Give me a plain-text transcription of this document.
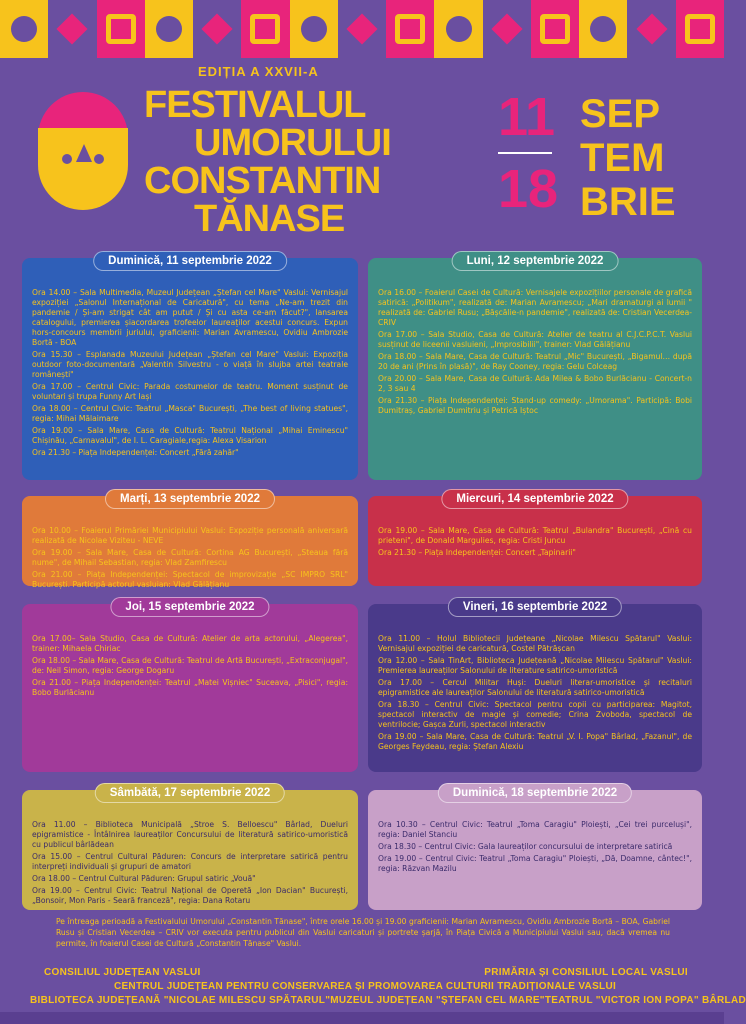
EDIȚIA A XXVII-A
FESTIVALUL
UMORULUI
CONSTANTIN
TĂNASE
11
18
SEP
TEM
BRIE
Duminică, 11 septembrie 2022

Ora 14.00 – Sala Multimedia, Muzeul Județean „Ștefan cel Mare" Vaslui: Vernisajul expoziției „Salonul Internațional de Caricatură", cu tema „Ne-am trezit din pandemie / Și-am strigat cât am putut / Și cu asta ce-am făcut?", lansarea catalogului, premierea șiacordarea trofeelor laureaților acestui concurs. Expun hors-concours membrii juriului, graficienii: Marian Avramescu, Ovidiu Ambrozie Bortă - BOA

Ora 15.30 – Esplanada Muzeului Județean „Ștefan cel Mare" Vaslui: Expoziția outdoor foto-documentară „Valentin Silvestru - o viață în slujba artei teatrale românești"

Ora 17.00 – Centrul Civic: Parada costumelor de teatru. Moment susținut de voluntari și trupa Funny Art Iași

Ora 18.00 – Centrul Civic: Teatrul „Masca" București, „The best of living statues", regia: Mihai Mălaimare

Ora 19.00 – Sala Mare, Casa de Cultură: Teatrul Național „Mihai Eminescu" Chișinău, „Carnavalul", de I. L. Caragiale,regia: Alexa Visarion

Ora 21.30 – Piața Independenței: Concert „Fără zahăr"

Luni, 12 septembrie 2022

Ora 16.00 – Foaierul Casei de Cultură: Vernisajele expozițiilor personale de grafică satirică: „Politikum", realizată de: Marian Avramescu; „Mari dramaturgi ai lumii " realizată de: Gabriel Rusu; „Bășcălie-n pandemie", realizată de: Cristian Vecerdea-CRIV

Ora 17.00 – Sala Studio, Casa de Cultură: Atelier de teatru al C.J.C.P.C.T. Vaslui susținut de liceenii vasluieni, „Improsibilii", trainer: Vlad Gălățianu

Ora 18.00 – Sala Mare, Casa de Cultură: Teatrul „Mic" București, „Bigamul… după 20 de ani (Prins în plasă)", de Ray Cooney, regia: Gelu Colceag

Ora 20.00 – Sala Mare, Casa de Cultură: Ada Milea & Bobo Burlăcianu - Concert-n 2, 3 sau 4

Ora 21.30 – Piața Independenței: Stand-up comedy: „Umorama". Participă: Bobi Dumitraș, Gabriel Dumitriu și Petrică Iștoc

Marți, 13 septembrie 2022

Ora 10.00 – Foaierul Primăriei Municipiului Vaslui: Expoziție personală aniversară realizată de Nicolae Viziteu - NEVE

Ora 19.00 – Sala Mare, Casa de Cultură: Cortina AG București, „Steaua fără nume", de Mihail Sebastian, regia: Vlad Zamfirescu

Ora 21.00 – Piața Independenței: Spectacol de improvizație „SC IMPRO SRL" București. Participă actorul vasluian: Vlad Gălățianu

Miercuri, 14 septembrie 2022

Ora 19.00 – Sala Mare, Casa de Cultură: Teatrul „Bulandra" București, „Cină cu prieteni", de Donald Margulies, regia: Cristi Juncu

Ora 21.30 – Piața Independenței: Concert „Tapinarii"

Joi, 15 septembrie 2022

Ora 17.00– Sala Studio, Casa de Cultură: Atelier de arta actorului, „Alegerea", trainer: Mihaela Chiriac

Ora 18.00 – Sala Mare, Casa de Cultură: Teatrul de Artă București, „Extraconjugal", de: Neil Simon, regia: George Dogaru

Ora 21.00 – Piața Independenței: Teatrul „Matei Vișniec" Suceava, „Pisici", regia: Bobo Burlăcianu

Vineri, 16 septembrie 2022

Ora 11.00 – Holul Bibliotecii Județeane „Nicolae Milescu Spătarul" Vaslui: Vernisajul expoziției de caricatură, Costel Pătrășcan

Ora 12.00 – Sala TinArt, Biblioteca Județeană „Nicolae Milescu Spătarul" Vaslui: Premierea laureaților Salonului de literature satirico-umoristică

Ora 17.00 – Cercul Militar Huși: Dueluri literar-umoristice și recitaluri epigramistice ale laureaților Salonului de literatură satirico-umoristică

Ora 18.30 – Centrul Civic: Spectacol pentru copii cu participarea: Magitot, spectacol interactiv de magie și comedie; Crina Zvoboda, spectacol de ventrilocie; Gașca Zurli, spectacol interactiv

Ora 19.00 – Sala Mare, Casa de Cultură: Teatrul „V. I. Popa" Bârlad, „Fazanul", de Georges Feydeau, regia: Ștefan Alexiu

Sâmbătă, 17 septembrie 2022

Ora 11.00 – Biblioteca Municipală „Stroe S. Belloescu" Bârlad, Dueluri epigramistice - Întâlnirea laureaților Concursului de literatură satirico-umoristică cu publicul bârlădean

Ora 15.00 – Centrul Cultural Păduren: Concurs de interpretare satirică pentru interpreți individuali și grupuri de amatori

Ora 18.00 – Centrul Cultural Păduren: Grupul satiric „Vouă"

Ora 19.00 – Centrul Civic: Teatrul Național de Operetă „Ion Dacian" București, „Bonsoir, Mon Paris - Seară franceză", regia: Dana Rotaru

Duminică, 18 septembrie 2022

Ora 10.30 – Centrul Civic: Teatrul „Toma Caragiu" Ploiești, „Cei trei purceluși", regia: Daniel Stanciu

Ora 18.30 – Centrul Civic: Gala laureaților concursului de interpretare satirică

Ora 19.00 – Centrul Civic: Teatrul „Toma Caragiu" Ploiești, „Dă, Doamne, cântec!", regia: Răzvan Mazilu

Pe întreaga perioadă a Festivalului Umorului „Constantin Tănase", între orele 16.00 și 19.00 graficienii: Marian Avramescu, Ovidiu Ambrozie Bortă – BOA, Gabriel Rusu și Cristian Vecerdea – CRIV vor executa pentru publicul din Vaslui caricaturi și portrete șarjă, în Piața Civică a Municipiului Vaslui sau, dacă vremea nu permite, în foaierul Casei de Cultură „Constantin Tănase" Vaslui.
CONSILIUL JUDEȚEAN VASLUI	PRIMĂRIA ȘI CONSILIUL LOCAL VASLUI
CENTRUL JUDEȚEAN PENTRU CONSERVAREA ȘI PROMOVAREA CULTURII TRADIȚIONALE VASLUI
BIBLIOTECA JUDEȚEANĂ "NICOLAE MILESCU SPĂTARUL" MUZEUL JUDEȚEAN "ȘTEFAN CEL MARE" TEATRUL "VICTOR ION POPA" BÂRLAD
